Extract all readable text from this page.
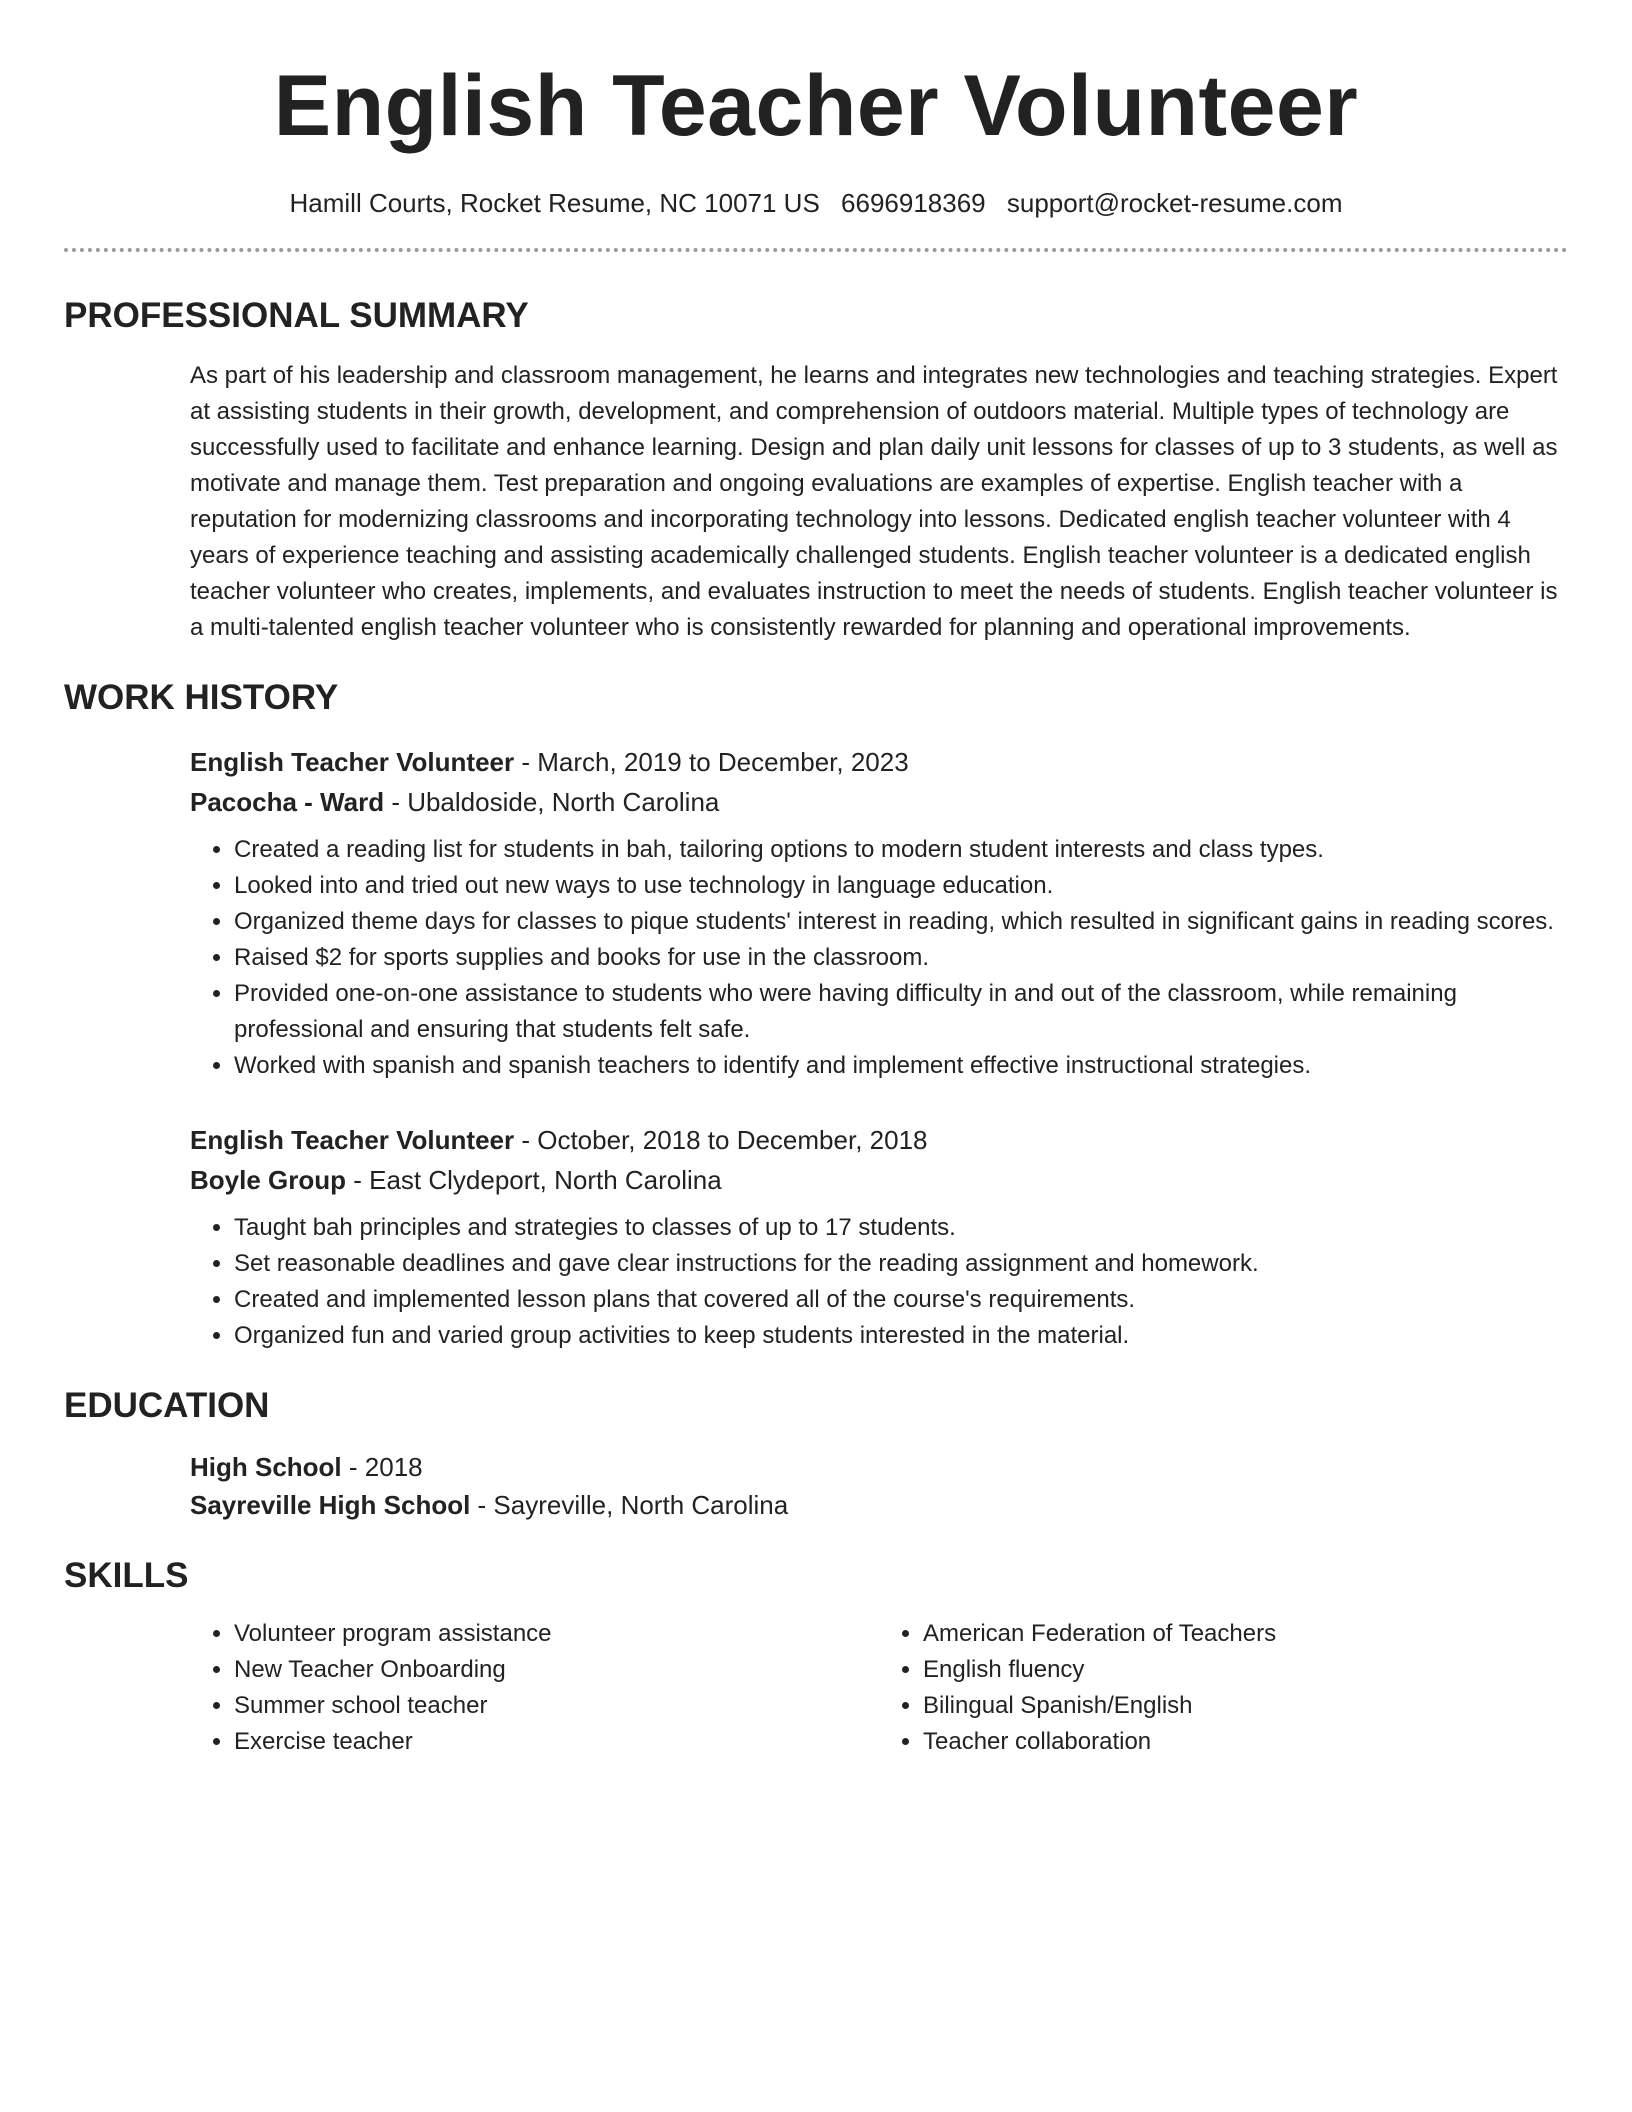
English Teacher Volunteer
Hamill Courts, Rocket Resume, NC 10071 US 6696918369 support@rocket-resume.com
PROFESSIONAL SUMMARY

As part of his leadership and classroom management, he learns and integrates new technologies and teaching strategies. Expert at assisting students in their growth, development, and comprehension of outdoors material. Multiple types of technology are successfully used to facilitate and enhance learning. Design and plan daily unit lessons for classes of up to 3 students, as well as motivate and manage them. Test preparation and ongoing evaluations are examples of expertise. English teacher with a reputation for modernizing classrooms and incorporating technology into lessons. Dedicated english teacher volunteer with 4 years of experience teaching and assisting academically challenged students. English teacher volunteer is a dedicated english teacher volunteer who creates, implements, and evaluates instruction to meet the needs of students. English teacher volunteer is a multi-talented english teacher volunteer who is consistently rewarded for planning and operational improvements.

WORK HISTORY
English Teacher Volunteer - March, 2019 to December, 2023
Pacocha - Ward - Ubaldoside, North Carolina
• Created a reading list for students in bah, tailoring options to modern student interests and class types.
• Looked into and tried out new ways to use technology in language education.
• Organized theme days for classes to pique students' interest in reading, which resulted in significant gains in reading scores.
• Raised $2 for sports supplies and books for use in the classroom.
• Provided one-on-one assistance to students who were having difficulty in and out of the classroom, while remaining professional and ensuring that students felt safe.
• Worked with spanish and spanish teachers to identify and implement effective instructional strategies.
English Teacher Volunteer - October, 2018 to December, 2018
Boyle Group - East Clydeport, North Carolina
• Taught bah principles and strategies to classes of up to 17 students.
• Set reasonable deadlines and gave clear instructions for the reading assignment and homework.
• Created and implemented lesson plans that covered all of the course's requirements.
• Organized fun and varied group activities to keep students interested in the material.
EDUCATION
High School - 2018
Sayreville High School - Sayreville, North Carolina
SKILLS
• Volunteer program assistance
• New Teacher Onboarding
• Summer school teacher
• Exercise teacher
• American Federation of Teachers
• English fluency
• Bilingual Spanish/English
• Teacher collaboration
